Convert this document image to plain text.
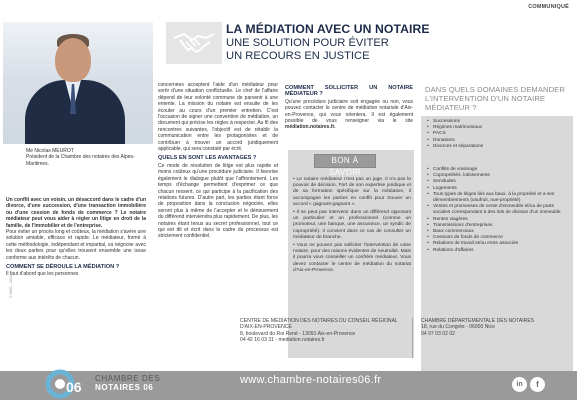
COMMUNIQUÉ
Me Nicolas MEUROT
Président de la Chambre des notaires des Alpes-Maritimes.
LA MÉDIATION AVEC UN NOTAIRE
UNE SOLUTION POUR ÉVITER
UN RECOURS EN JUSTICE

Un conflit avec un voisin, un désaccord dans le cadre d'un divorce, d'une succession, d'une transaction immobilière ou d'une cession de fonds de commerce ? Le notaire médiateur peut vous aider à régler un litige en droit de la famille, de l'immobilier et de l'entreprise.

Pour éviter un procès long et coûteux, la médiation s'avère une solution amiable, efficace et rapide. Le médiateur, formé à cette méthodologie, indépendant et impartial, va négocier avec les deux parties pour qu'elles trouvent ensemble une issue conforme aux intérêts de chacun.

COMMENT SE DÉROULE LA MÉDIATION ?

Il faut d'abord que les personnes

© MCB - 2023

concernées acceptent l'aide d'un médiateur pour sortir d'une situation conflictuelle. Le chef de l'affaire dépend de leur volonté commune de parvenir à une entente. La mission du notaire est ensuite de les écouter au cours d'un premier entretien. C'est l'occasion de signer une convention de médiation, un document qui précise les règles à respecter. Au fil des rencontres suivantes, l'objectif est de rétablir la communication entre les protagonistes et de contribuer à trouver un accord juridiquement applicable, qui sera constaté par écrit.

QUELS EN SONT LES AVANTAGES ?

Ce mode de résolution de litige est plus rapide et moins coûteux qu'une procédure judiciaire. Il favorise également le dialogue plutôt que l'affrontement. Les temps d'échange permettent d'exprimer ce que chacun ressent, ce qui participe à la pacification des relations futures. D'autre part, les parties étant force de proposition dans la conclusion négociée, elles seront plus à même de l'accepter et le dénouement du différend interviendra plus rapidement. De plus, les notaires étant tenus au secret professionnel, tout ce qui est dit et écrit dans le cadre du processus est strictement confidentiel.

COMMENT SOLLICITER UN NOTAIRE MÉDIATEUR ?

Qu'une procédure judiciaire soit engagée ou non, vous pouvez contacter le centre de médiation notariale d'Aix-en-Provence, qui vous orientera. Il est également possible de vous renseigner via le site médiation.notaires.fr.

BON À SAVOIR

• Le notaire médiateur n'est pas un juge. Il n'a pas le pouvoir de décision. Fort de son expertise juridique et de sa formation spécifique sur la médiation, il accompagne les parties en conflit pour trouver un accord « gagnant-gagnant ».

• Il ne peut pas intervenir dans un différend opposant un particulier et un professionnel (comme un promoteur, une banque, une assurance, un syndic de copropriété). Il convient dans ce cas de consulter un médiateur de branche.

• Vous ne pouvez pas solliciter l'intervention de votre notaire, pour des raisons évidentes de neutralité. Mais il pourra vous conseiller un confrère médiateur. Vous devez contacter le centre de médiation du notariat d'Aix-en-Provence.

DANS QUELS DOMAINES DEMANDER L'INTERVENTION D'UN NOTAIRE MÉDIATEUR ?
• Successions
• Régimes matrimoniaux
• PACS
• Donations
• Divorces et séparations
• Conflits de voisinage
• Copropriétés, lotissements
• Servitudes
• Logements
• Tous types de litiges liés aux baux, à la propriété et à ses démembrements (usufruit, nue-propriété)
• Ventes et promesses de vente d'immeuble et/ou de parts sociales correspondant à des lots de division d'un immeuble
• Rentes viagères
• Transmissions d'entreprises
• Baux commerciaux
• Cessions de fonds de commerce
• Relations de travail et/ou entre associés
• Relations d'affaires
CENTRE DE MÉDIATION DES NOTAIRES DU CONSEIL RÉGIONAL D'AIX-EN-PROVENCE
8, boulevard du Roi René - 13091 Aix-en-Provence
04 42 16 03 31 - mediation.notaires.fr
CHAMBRE DÉPARTEMENTALE DES NOTAIRES
18, rue du Congrès - 06000 Nice
04 97 03 02 02
06
CHAMBRE DES
NOTAIRES 06
www.chambre-notaires06.fr	in	f
